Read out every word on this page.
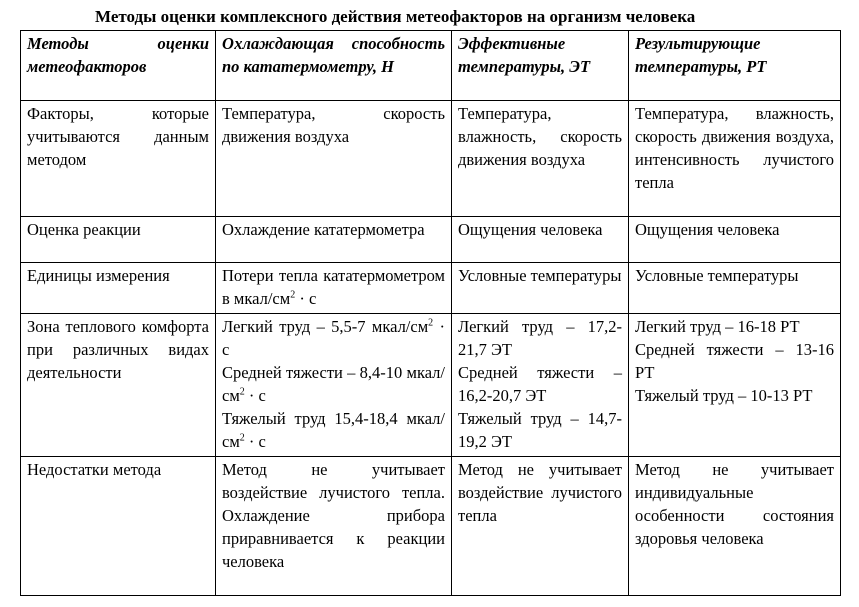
Методы оценки комплексного действия метеофакторов на организм человека
Методы оценки метеофакторов	Охлаждающая способность по кататермометру, Н	Эффективные температуры, ЭТ	Результирующие температуры, РТ
Факторы, которые учитываются данным методом	Температура, скорость движения воздуха	Температура, влажность, скорость движения воздуха	Температура, влажность, скорость движения воздуха, интенсивность лучистого тепла
Оценка реакции	Охлаждение кататермометра	Ощущения человека	Ощущения человека
Единицы измерения	Потери тепла кататермометром в мкал/$см^2 \cdot с$	Условные температуры	Условные температуры
Зона теплового комфорта при различных видах деятельности	Легкий труд – 5,5-7 мкал/$см^2 \cdot с$
Средней тяжести – 8,4-10 мкал/$см^2 \cdot с$
Тяжелый труд 15,4-18,4 мкал/$см^2 \cdot с$	Легкий труд – 17,2-21,7 ЭТ
Средней тяжести – 16,2-20,7 ЭТ
Тяжелый труд – 14,7-19,2 ЭТ	Легкий труд – 16-18 РТ
Средней тяжести – 13-16 РТ
Тяжелый труд – 10-13 РТ

Недостатки метода	Метод не учитывает воздействие лучистого тепла. Охлаждение прибора приравнивается к реакции человека	Метод не учитывает воздействие лучистого тепла	Метод не учитывает индивидуальные особенности состояния здоровья человека
